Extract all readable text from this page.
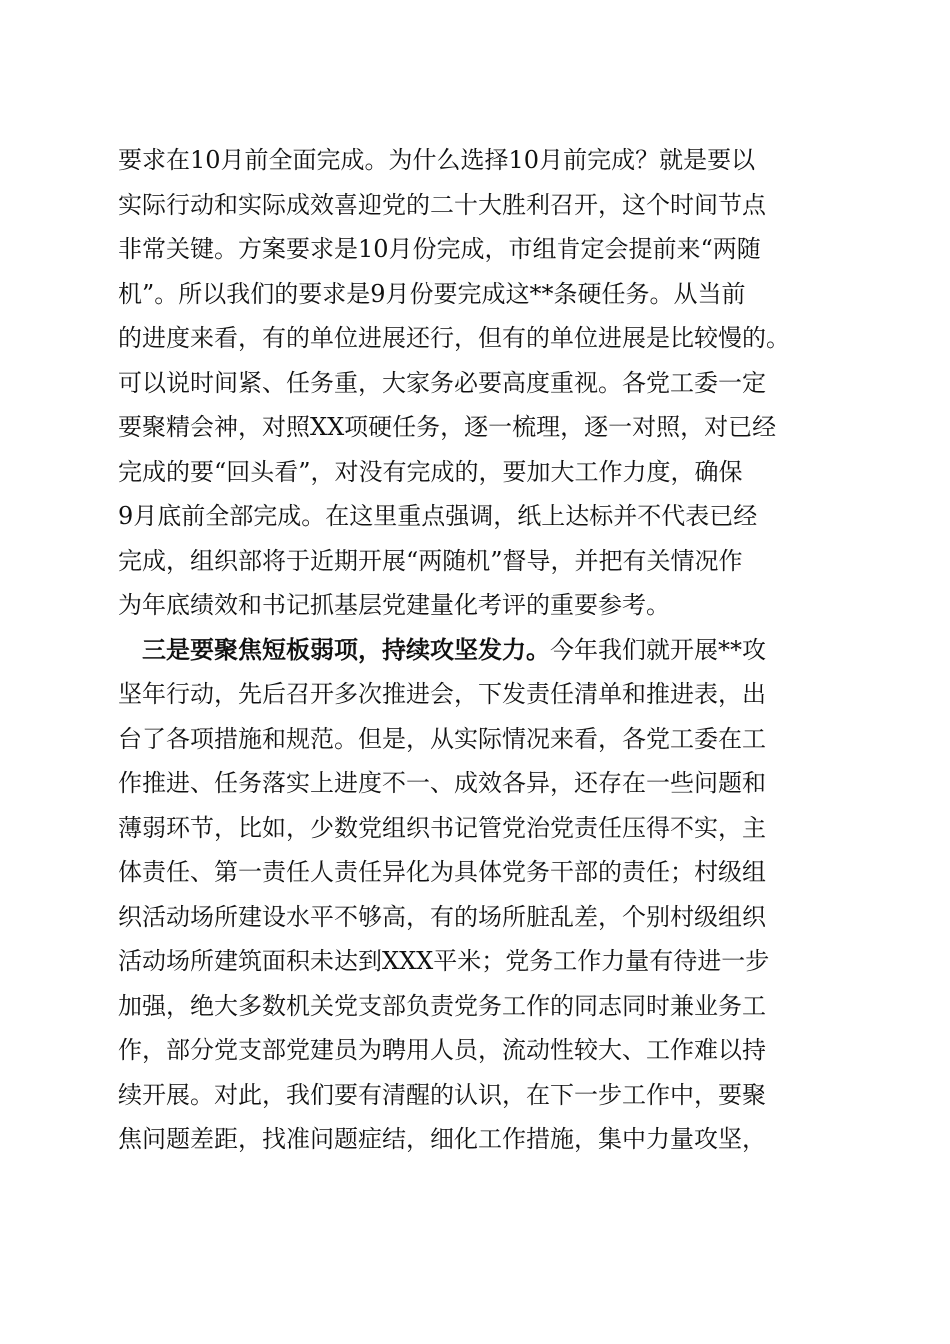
要求在10月前全面完成。为什么选择10月前完成？就是要以
实际行动和实际成效喜迎党的二十大胜利召开，这个时间节点
非常关键。方案要求是10月份完成，市组肯定会提前来“两随
机”。所以我们的要求是9月份要完成这**条硬任务。从当前
的进度来看，有的单位进展还行，但有的单位进展是比较慢的。
可以说时间紧、任务重，大家务必要高度重视。各党工委一定
要聚精会神，对照XX项硬任务，逐一梳理，逐一对照，对已经
完成的要“回头看”，对没有完成的，要加大工作力度，确保
9月底前全部完成。在这里重点强调，纸上达标并不代表已经
完成，组织部将于近期开展“两随机”督导，并把有关情况作
为年底绩效和书记抓基层党建量化考评的重要参考。
三是要聚焦短板弱项，持续攻坚发力。今年我们就开展**攻
坚年行动，先后召开多次推进会，下发责任清单和推进表，出
台了各项措施和规范。但是，从实际情况来看，各党工委在工
作推进、任务落实上进度不一、成效各异，还存在一些问题和
薄弱环节，比如，少数党组织书记管党治党责任压得不实，主
体责任、第一责任人责任异化为具体党务干部的责任；村级组
织活动场所建设水平不够高，有的场所脏乱差，个别村级组织
活动场所建筑面积未达到XXX平米；党务工作力量有待进一步
加强，绝大多数机关党支部负责党务工作的同志同时兼业务工
作，部分党支部党建员为聘用人员，流动性较大、工作难以持
续开展。对此，我们要有清醒的认识，在下一步工作中，要聚
焦问题差距，找准问题症结，细化工作措施，集中力量攻坚，
